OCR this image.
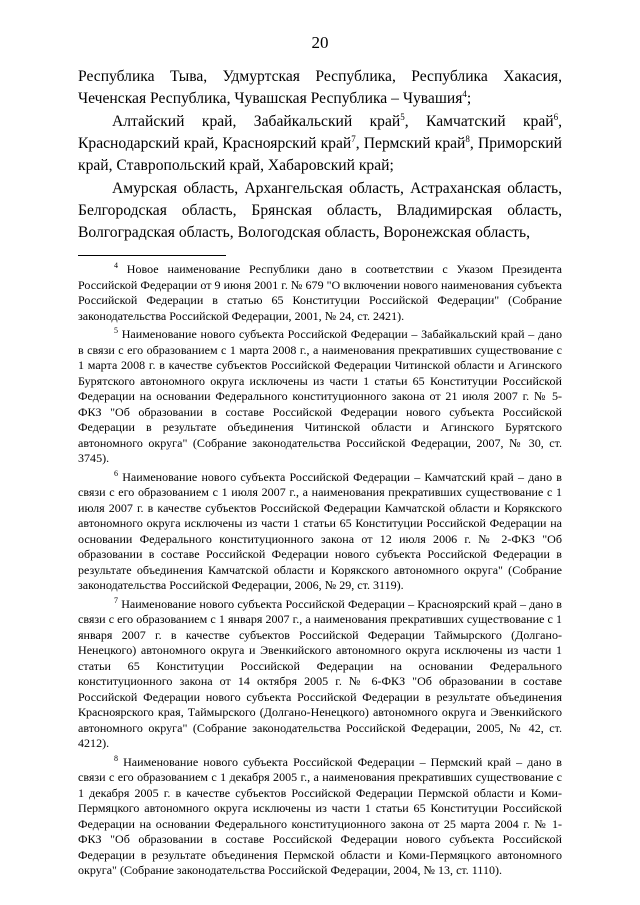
20

Республика Тыва, Удмуртская Республика, Республика Хакасия, Чеченская Республика, Чувашская Республика – Чувашия$^4$;

Алтайский край, Забайкальский край$^5$, Камчатский край$^6$, Краснодарский край, Красноярский край$^7$, Пермский край$^8$, Приморский край, Ставропольский край, Хабаровский край;

Амурская область, Архангельская область, Астраханская область, Белгородская область, Брянская область, Владимирская область, Волгоградская область, Вологодская область, Воронежская область,

$^4$ Новое наименование Республики дано в соответствии с Указом Президента Российской Федерации от 9 июня 2001 г. № 679 "О включении нового наименования субъекта Российской Федерации в статью 65 Конституции Российской Федерации" (Собрание законодательства Российской Федерации, 2001, № 24, ст. 2421).

$^5$ Наименование нового субъекта Российской Федерации – Забайкальский край – дано в связи с его образованием с 1 марта 2008 г., а наименования прекративших существование с 1 марта 2008 г. в качестве субъектов Российской Федерации Читинской области и Агинского Бурятского автономного округа исключены из части 1 статьи 65 Конституции Российской Федерации на основании Федерального конституционного закона от 21 июля 2007 г. № 5-ФКЗ "Об образовании в составе Российской Федерации нового субъекта Российской Федерации в результате объединения Читинской области и Агинского Бурятского автономного округа" (Собрание законодательства Российской Федерации, 2007, № 30, ст. 3745).

$^6$ Наименование нового субъекта Российской Федерации – Камчатский край – дано в связи с его образованием с 1 июля 2007 г., а наименования прекративших существование с 1 июля 2007 г. в качестве субъектов Российской Федерации Камчатской области и Корякского автономного округа исключены из части 1 статьи 65 Конституции Российской Федерации на основании Федерального конституционного закона от 12 июля 2006 г. № 2-ФКЗ "Об образовании в составе Российской Федерации нового субъекта Российской Федерации в результате объединения Камчатской области и Корякского автономного округа" (Собрание законодательства Российской Федерации, 2006, № 29, ст. 3119).

$^7$ Наименование нового субъекта Российской Федерации – Красноярский край – дано в связи с его образованием с 1 января 2007 г., а наименования прекративших существование с 1 января 2007 г. в качестве субъектов Российской Федерации Таймырского (Долгано-Ненецкого) автономного округа и Эвенкийского автономного округа исключены из части 1 статьи 65 Конституции Российской Федерации на основании Федерального конституционного закона от 14 октября 2005 г. № 6-ФКЗ "Об образовании в составе Российской Федерации нового субъекта Российской Федерации в результате объединения Красноярского края, Таймырского (Долгано-Ненецкого) автономного округа и Эвенкийского автономного округа" (Собрание законодательства Российской Федерации, 2005, № 42, ст. 4212).

$^8$ Наименование нового субъекта Российской Федерации – Пермский край – дано в связи с его образованием с 1 декабря 2005 г., а наименования прекративших существование с 1 декабря 2005 г. в качестве субъектов Российской Федерации Пермской области и Коми-Пермяцкого автономного округа исключены из части 1 статьи 65 Конституции Российской Федерации на основании Федерального конституционного закона от 25 марта 2004 г. № 1-ФКЗ "Об образовании в составе Российской Федерации нового субъекта Российской Федерации в результате объединения Пермской области и Коми-Пермяцкого автономного округа" (Собрание законодательства Российской Федерации, 2004, № 13, ст. 1110).
